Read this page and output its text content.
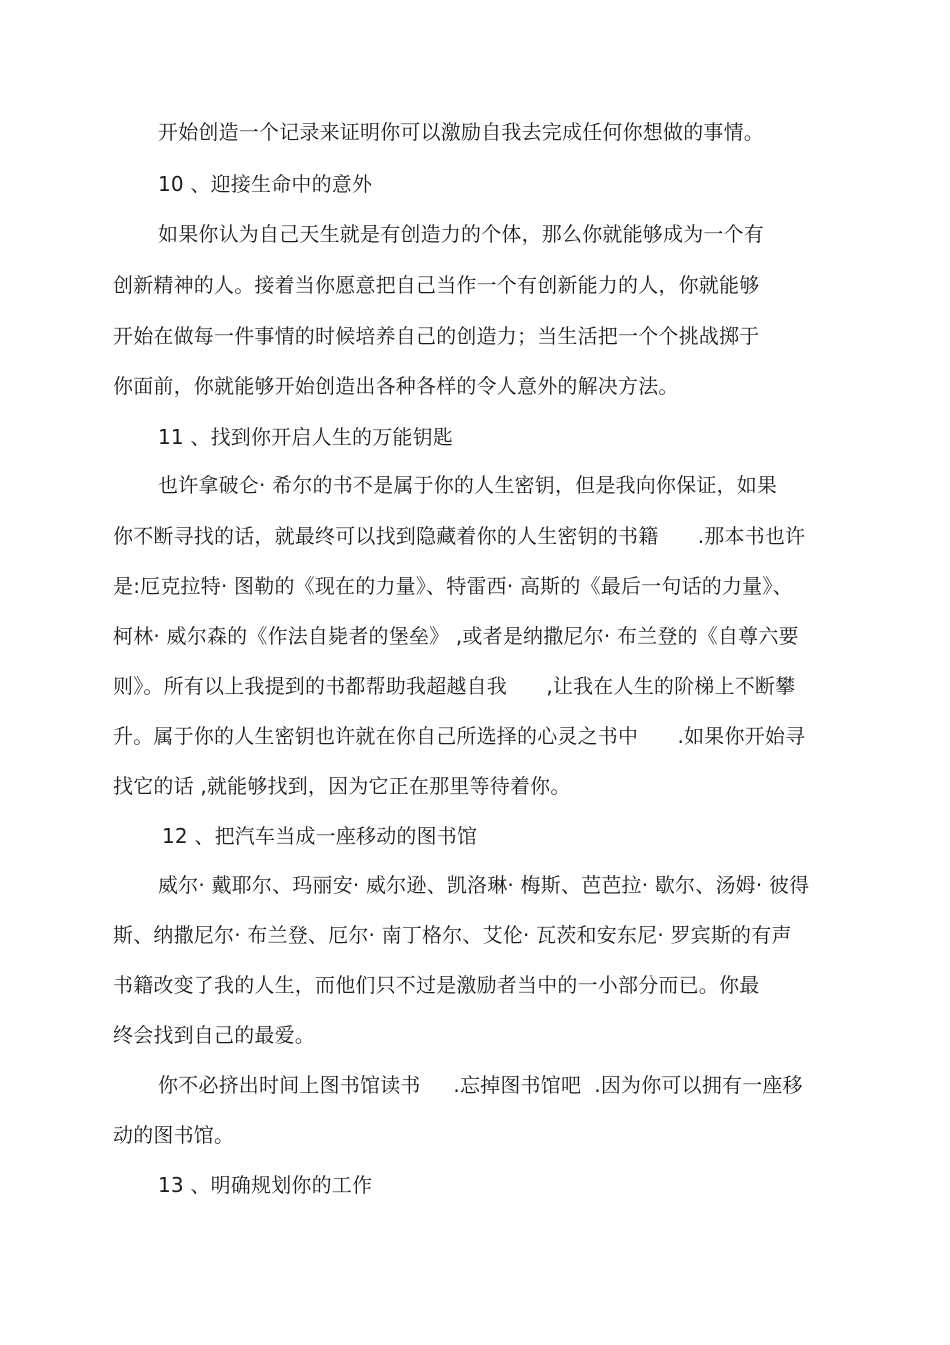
开始创造一个记录来证明你可以激励自我去完成任何你想做的事情。
10 、迎接生命中的意外
如果你认为自己天生就是有创造力的个体，那么你就能够成为一个有
创新精神的人。接着当你愿意把自己当作一个有创新能力的人，你就能够
开始在做每一件事情的时候培养自己的创造力；当生活把一个个挑战掷于
你面前，你就能够开始创造出各种各样的令人意外的解决方法。
11 、找到你开启人生的万能钥匙
也许拿破仑· 希尔的书不是属于你的人生密钥，但是我向你保证，如果
你不断寻找的话，就最终可以找到隐藏着你的人生密钥的书籍      .那本书也许
是:厄克拉特· 图勒的《现在的力量》、特雷西· 高斯的《最后一句话的力量》、
柯林· 威尔森的《作法自毙者的堡垒》 ,或者是纳撒尼尔· 布兰登的《自尊六要
则》。所有以上我提到的书都帮助我超越自我      ,让我在人生的阶梯上不断攀
升。属于你的人生密钥也许就在你自己所选择的心灵之书中      .如果你开始寻
找它的话 ,就能够找到，因为它正在那里等待着你。
12 、把汽车当成一座移动的图书馆
威尔· 戴耶尔、玛丽安· 威尔逊、凯洛琳· 梅斯、芭芭拉· 歇尔、汤姆· 彼得
斯、纳撒尼尔· 布兰登、厄尔· 南丁格尔、艾伦· 瓦茨和安东尼· 罗宾斯的有声
书籍改变了我的人生，而他们只不过是激励者当中的一小部分而已。你最
终会找到自己的最爱。
你不必挤出时间上图书馆读书     .忘掉图书馆吧  .因为你可以拥有一座移
动的图书馆。
13 、明确规划你的工作
